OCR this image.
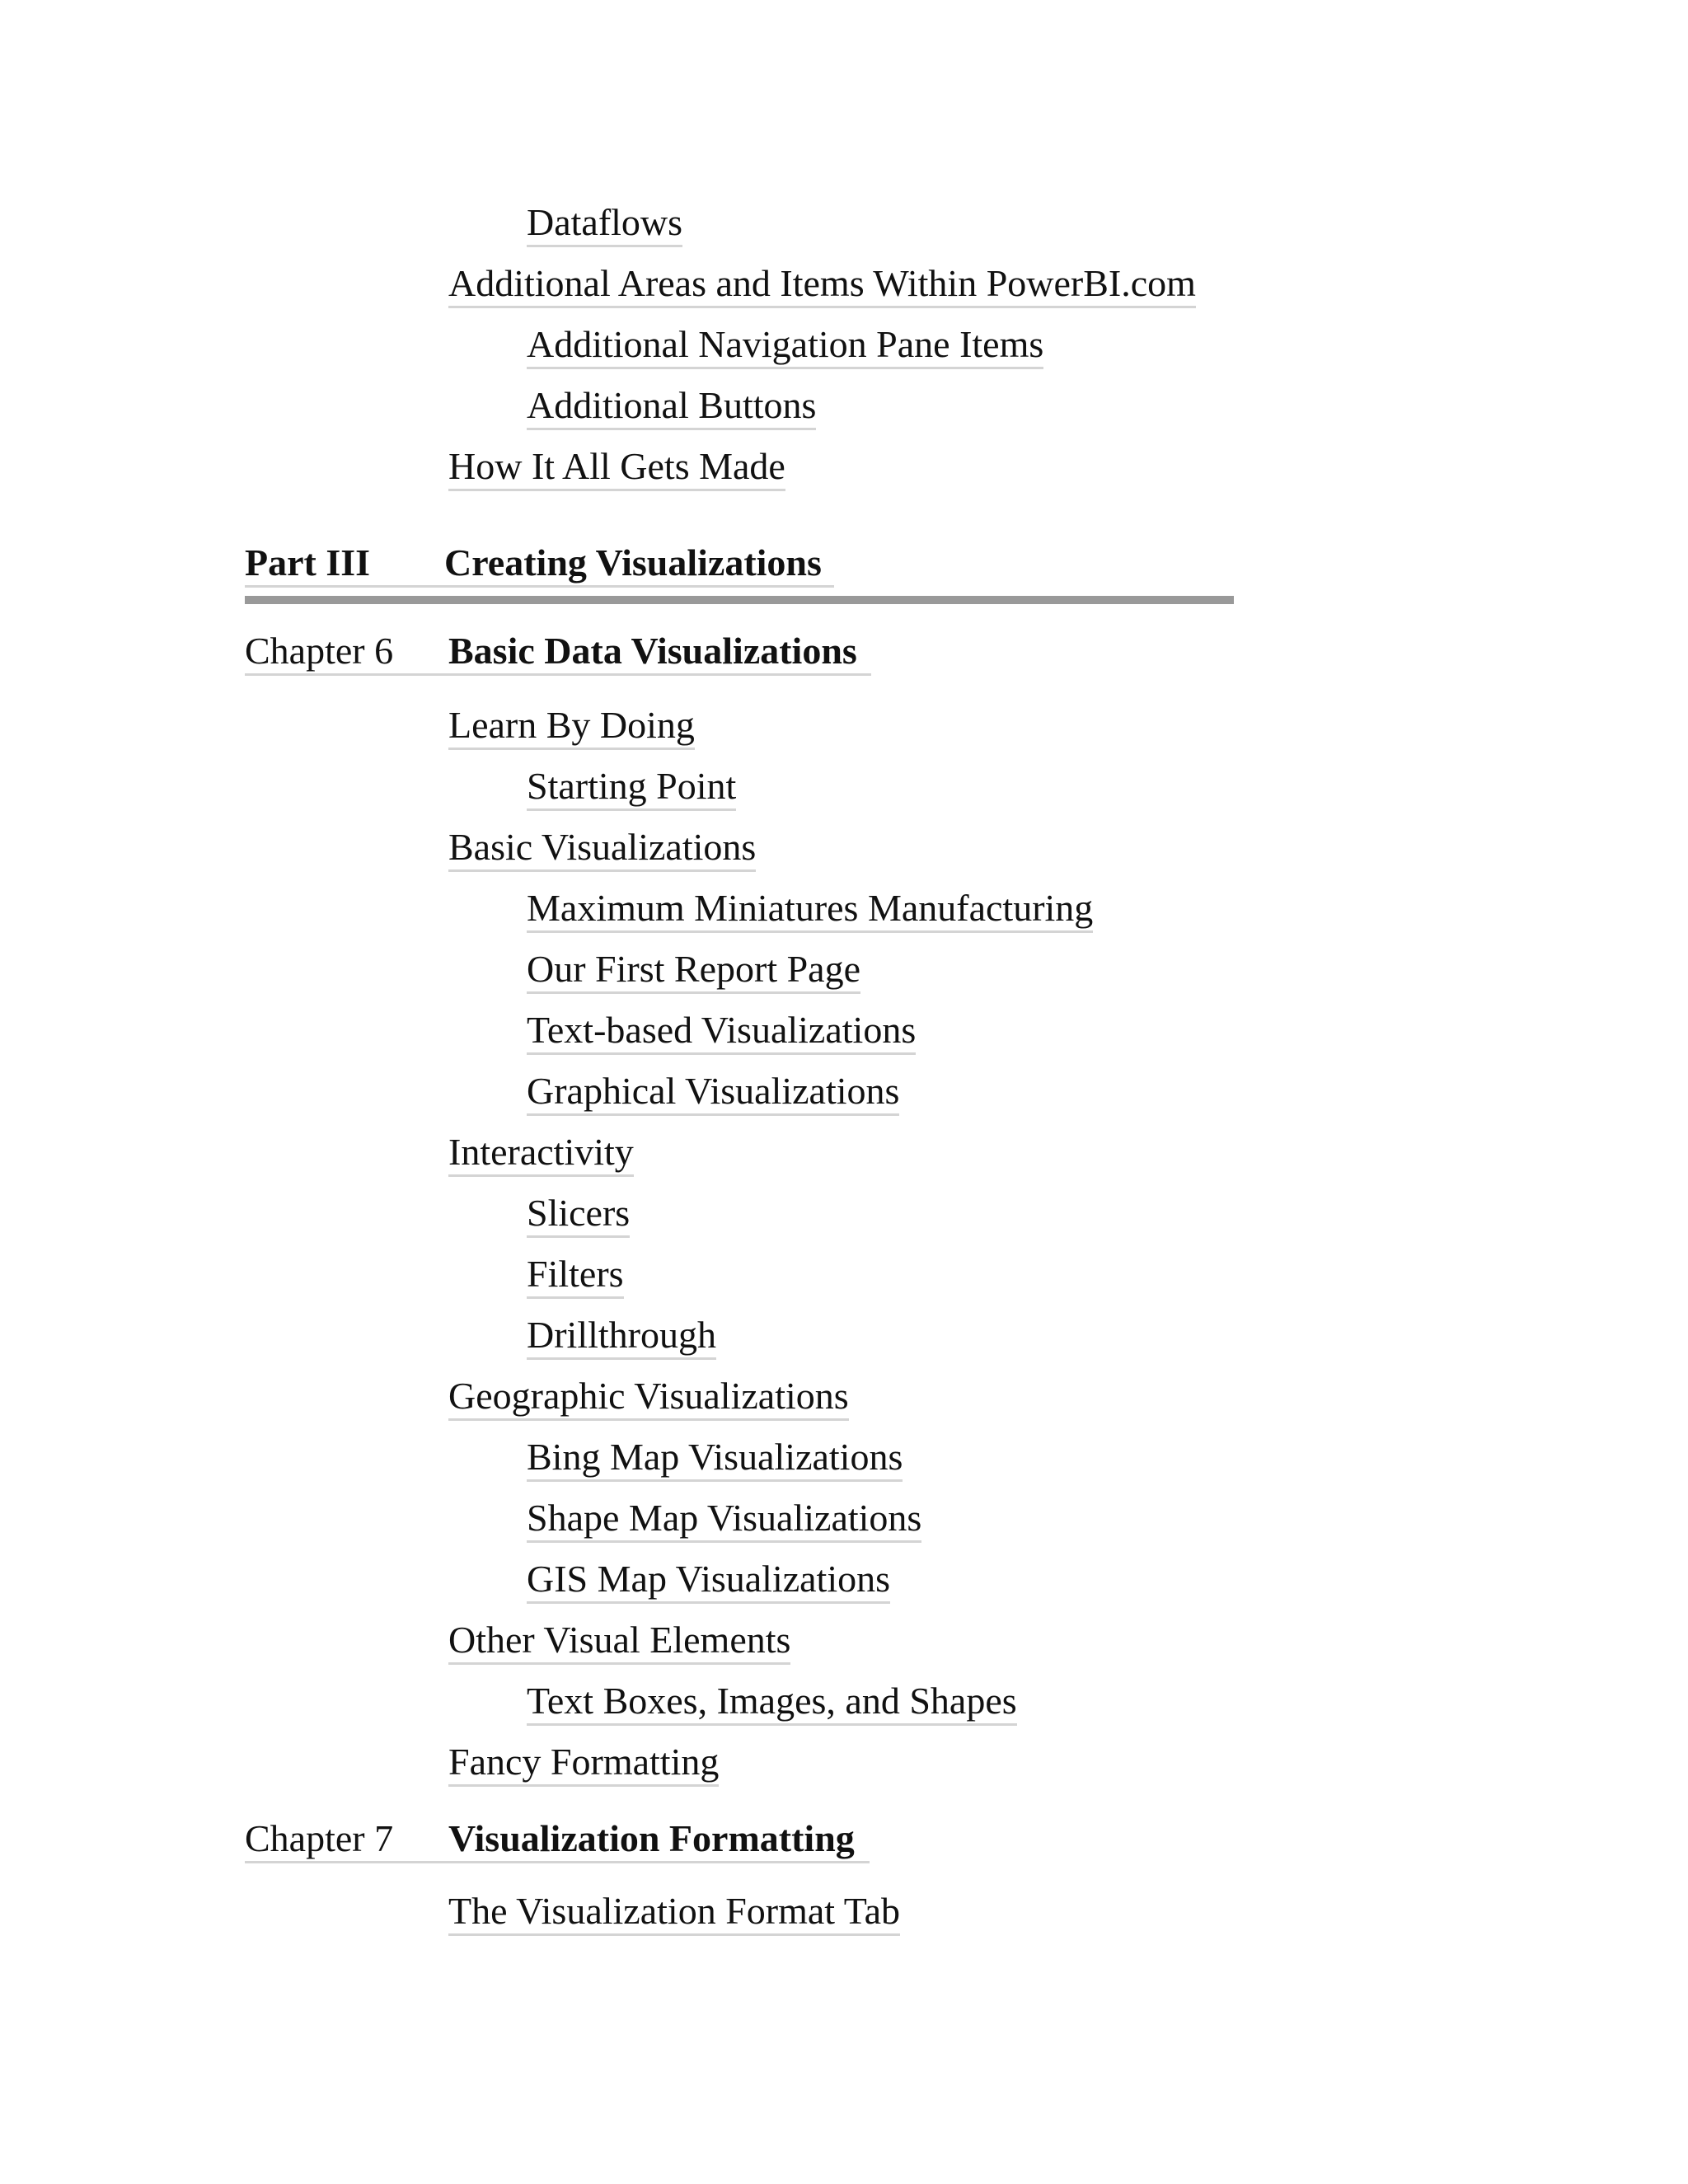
Dataflows
Additional Areas and Items Within PowerBI.com
Additional Navigation Pane Items
Additional Buttons
How It All Gets Made
Part III Creating Visualizations
Chapter 6 Basic Data Visualizations
Learn By Doing
Starting Point
Basic Visualizations
Maximum Miniatures Manufacturing
Our First Report Page
Text-based Visualizations
Graphical Visualizations
Interactivity
Slicers
Filters
Drillthrough
Geographic Visualizations
Bing Map Visualizations
Shape Map Visualizations
GIS Map Visualizations
Other Visual Elements
Text Boxes, Images, and Shapes
Fancy Formatting
Chapter 7 Visualization Formatting
The Visualization Format Tab
